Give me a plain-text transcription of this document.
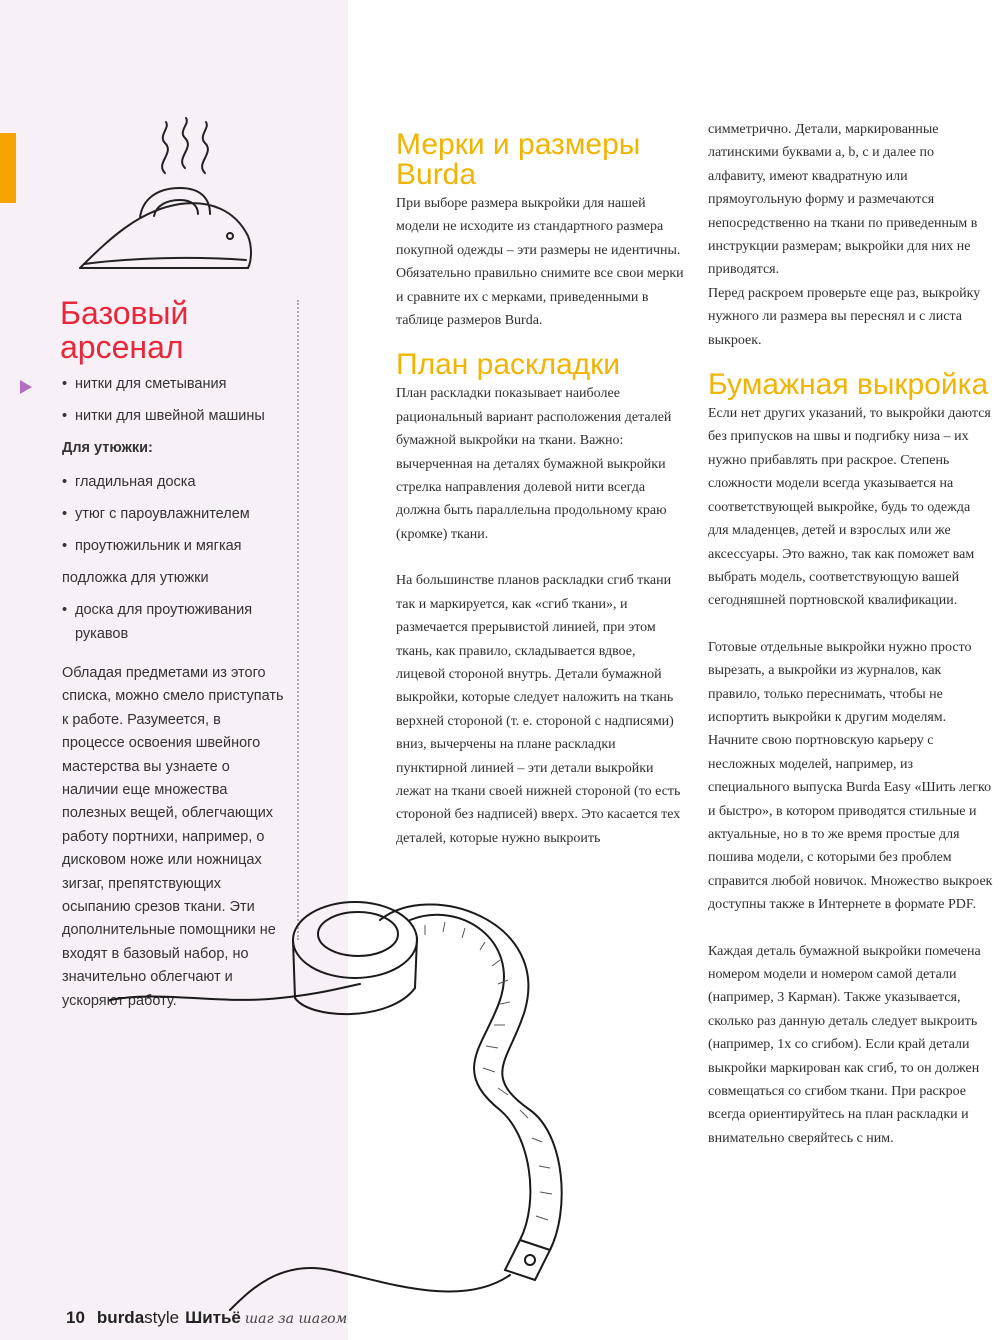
Базовый арсенал
• нитки для сметывания
• нитки для швейной машины
Для утюжки:
• гладильная доска
• утюг с пароувлажнителем
• проутюжильник и мягкая
подложка для утюжки
• доска для проутюживания рукавов

Обладая предметами из этого списка, можно смело приступать к работе. Разумеется, в процессе освоения швейного мастерства вы узнаете о наличии еще множества полезных вещей, облегчающих работу портнихи, например, о дисковом ноже или ножницах зигзаг, препятствующих осыпанию срезов ткани. Эти дополнительные помощники не входят в базовый набор, но значительно облегчают и ускоряют работу.

Мерки и размеры Burda

При выборе размера выкройки для нашей модели не исходите из стандартного размера покупной одежды – эти размеры не идентичны. Обязательно правильно снимите все свои мерки и сравните их с мерками, приведенными в таблице размеров Burda.

План раскладки

План раскладки показывает наиболее рациональный вариант расположения деталей бумажной выкройки на ткани. Важно: вычерченная на деталях бумажной выкройки стрелка направления долевой нити всегда должна быть параллельна продольному краю (кромке) ткани.

На большинстве планов раскладки сгиб ткани так и маркируется, как «сгиб ткани», и размечается прерывистой линией, при этом ткань, как правило, складывается вдвое, лицевой стороной внутрь. Детали бумажной выкройки, которые следует наложить на ткань верхней стороной (т. е. стороной с надписями) вниз, вычерчены на плане раскладки пунктирной линией – эти детали выкройки лежат на ткани своей нижней стороной (то есть стороной без надписей) вверх. Это касается тех деталей, которые нужно выкроить

симметрично. Детали, маркированные латинскими буквами a, b, c и далее по алфавиту, имеют квадратную или прямоугольную форму и размечаются непосредственно на ткани по приведенным в инструкции размерам; выкройки для них не приводятся.

Перед раскроем проверьте еще раз, выкройку нужного ли размера вы переснял и с листа выкроек.

Бумажная выкройка

Если нет других указаний, то выкройки даются без припусков на швы и подгибку низа – их нужно прибавлять при раскрое. Степень сложности модели всегда указывается на соответствующей выкройке, будь то одежда для младенцев, детей и взрослых или же аксессуары. Это важно, так как поможет вам выбрать модель, соответствующую вашей сегодняшней портновской квалификации.

Готовые отдельные выкройки нужно просто вырезать, а выкройки из журналов, как правило, только переснимать, чтобы не испортить выкройки к другим моделям. Начните свою портновскую карьеру с несложных моделей, например, из специального выпуска Burda Easy «Шить легко и быстро», в котором приводятся стильные и актуальные, но в то же время простые для пошива модели, с которыми без проблем справится любой новичок. Множество выкроек доступны также в Интернете в формате PDF.

Каждая деталь бумажной выкройки помечена номером модели и номером самой детали (например, 3 Карман). Также указывается, сколько раз данную деталь следует выкроить (например, 1x со сгибом). Если край детали выкройки маркирован как сгиб, то он должен совмещаться со сгибом ткани. При раскрое всегда ориентируйтесь на план раскладки и внимательно сверяйтесь с ним.

10 burdastyle Шитьё шаг за шагом
